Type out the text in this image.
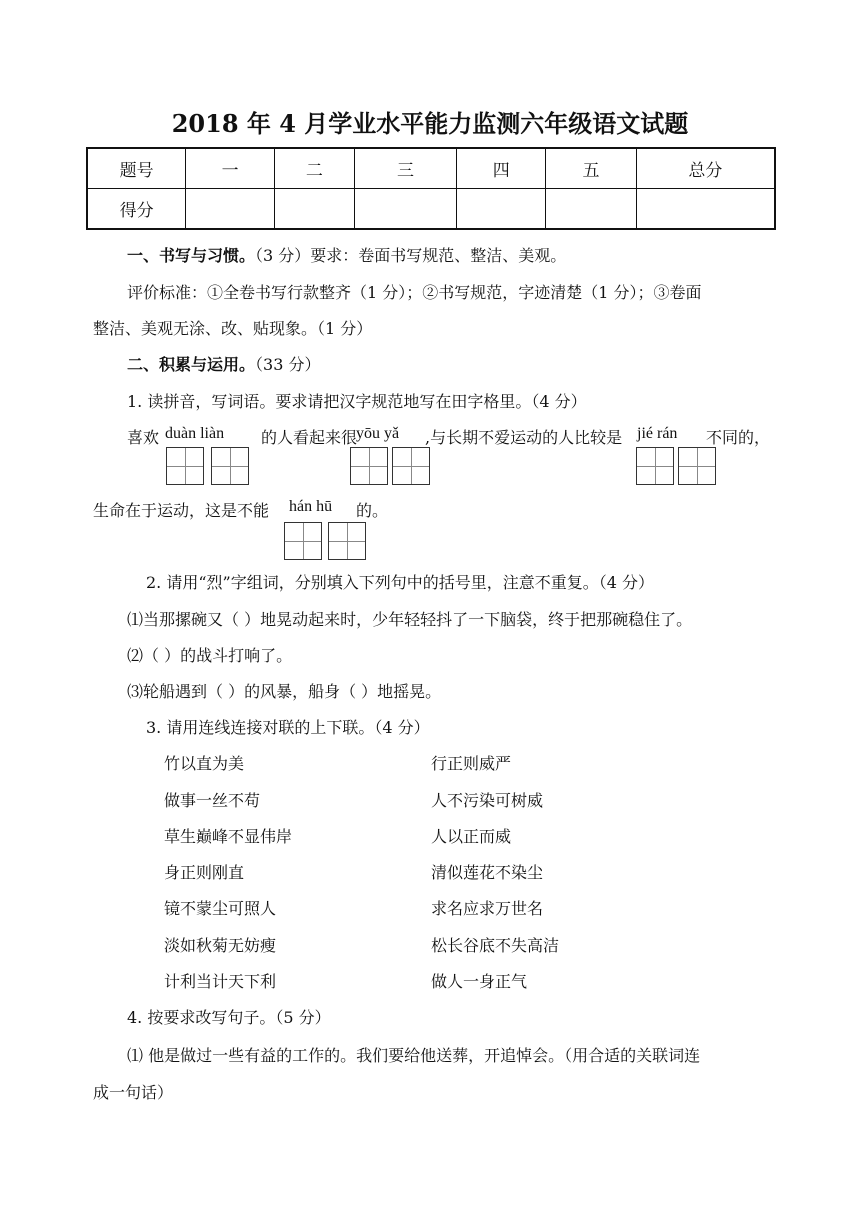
2018 年 4 月学业水平能力监测六年级语文试题
题号	一	二	三	四	五	总分
得分						
一、书写与习惯。（3 分）要求：卷面书写规范、整洁、美观。
评价标准：①全卷书写行款整齐（1 分）；②书写规范，字迹清楚（1 分）；③卷面
整洁、美观无涂、改、贴现象。（1 分）
二、积累与运用。（33 分）
1. 读拼音，写词语。要求请把汉字规范地写在田字格里。（4 分）
喜欢 duàn liàn 的人看起来很
yōu yǎ ,与长期不爱运动的人比较是 jié rán 不同的，
生命在于运动，这是不能 hán hū 的。
2. 请用“烈”字组词，分别填入下列句中的括号里，注意不重复。（4 分）
⑴当那摞碗又（ ）地晃动起来时，少年轻轻抖了一下脑袋，终于把那碗稳住了。
⑵（ ）的战斗打响了。
⑶轮船遇到（ ）的风暴，船身（ ）地摇晃。
3. 请用连线连接对联的上下联。（4 分）
竹以直为美
做事一丝不苟
草生巅峰不显伟岸
身正则刚直
镜不蒙尘可照人
淡如秋菊无妨瘦
计利当计天下利
行正则威严
人不污染可树威
人以正而威
清似莲花不染尘
求名应求万世名
松长谷底不失高洁
做人一身正气
4. 按要求改写句子。（5 分）
⑴ 他是做过一些有益的工作的。我们要给他送葬，开追悼会。（用合适的关联词连
成一句话）
